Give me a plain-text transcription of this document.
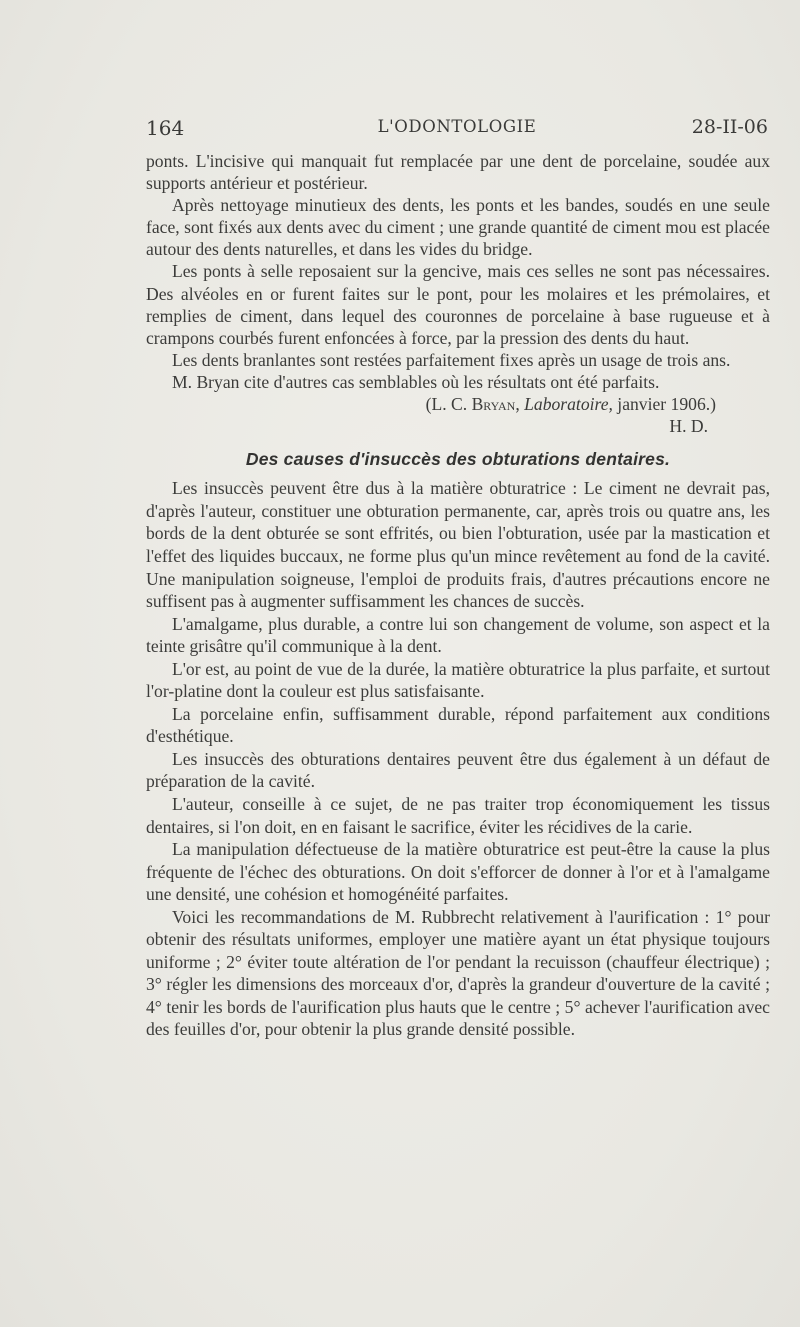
164	L'ODONTOLOGIE	28-II-06

ponts. L'incisive qui manquait fut remplacée par une dent de porcelaine, soudée aux supports antérieur et postérieur.

Après nettoyage minutieux des dents, les ponts et les bandes, soudés en une seule face, sont fixés aux dents avec du ciment ; une grande quantité de ciment mou est placée autour des dents naturelles, et dans les vides du bridge.

Les ponts à selle reposaient sur la gencive, mais ces selles ne sont pas nécessaires. Des alvéoles en or furent faites sur le pont, pour les molaires et les prémolaires, et remplies de ciment, dans lequel des couronnes de porcelaine à base rugueuse et à crampons courbés furent enfoncées à force, par la pression des dents du haut.

Les dents branlantes sont restées parfaitement fixes après un usage de trois ans.

M. Bryan cite d'autres cas semblables où les résultats ont été parfaits.

(L. C. Bryan, Laboratoire, janvier 1906.)

H. D.

Des causes d'insuccès des obturations dentaires.

Les insuccès peuvent être dus à la matière obturatrice : Le ciment ne devrait pas, d'après l'auteur, constituer une obturation permanente, car, après trois ou quatre ans, les bords de la dent obturée se sont effrités, ou bien l'obturation, usée par la mastication et l'effet des liquides buccaux, ne forme plus qu'un mince revêtement au fond de la cavité. Une manipulation soigneuse, l'emploi de produits frais, d'autres précautions encore ne suffisent pas à augmenter suffisamment les chances de succès.

L'amalgame, plus durable, a contre lui son changement de volume, son aspect et la teinte grisâtre qu'il communique à la dent.

L'or est, au point de vue de la durée, la matière obturatrice la plus parfaite, et surtout l'or-platine dont la couleur est plus satisfaisante.

La porcelaine enfin, suffisamment durable, répond parfaitement aux conditions d'esthétique.

Les insuccès des obturations dentaires peuvent être dus également à un défaut de préparation de la cavité.

L'auteur, conseille à ce sujet, de ne pas traiter trop économiquement les tissus dentaires, si l'on doit, en en faisant le sacrifice, éviter les récidives de la carie.

La manipulation défectueuse de la matière obturatrice est peut-être la cause la plus fréquente de l'échec des obturations. On doit s'efforcer de donner à l'or et à l'amalgame une densité, une cohésion et homogénéité parfaites.

Voici les recommandations de M. Rubbrecht relativement à l'aurification : 1° pour obtenir des résultats uniformes, employer une matière ayant un état physique toujours uniforme ; 2° éviter toute altération de l'or pendant la recuisson (chauffeur électrique) ; 3° régler les dimensions des morceaux d'or, d'après la grandeur d'ouverture de la cavité ; 4° tenir les bords de l'aurification plus hauts que le centre ; 5° achever l'aurification avec des feuilles d'or, pour obtenir la plus grande densité possible.
